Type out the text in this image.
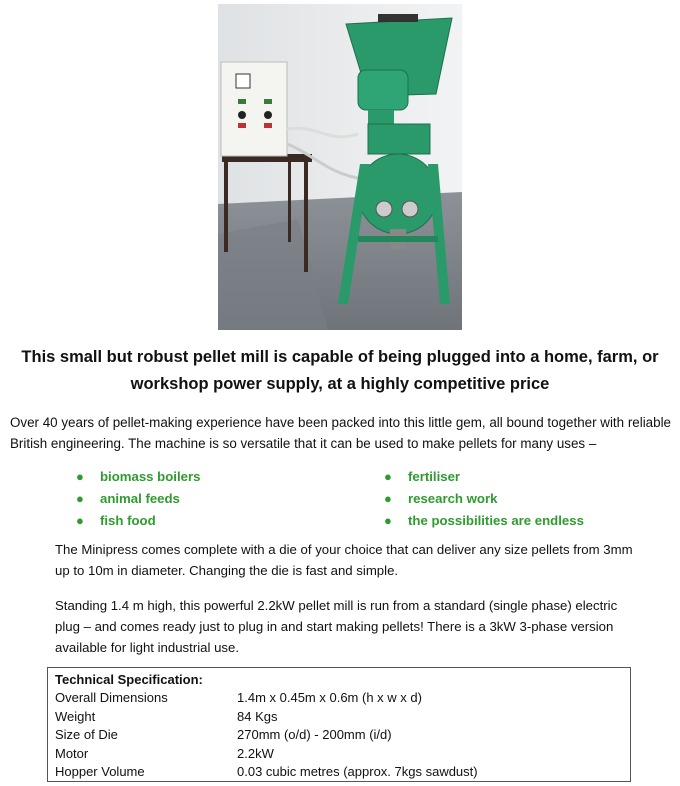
This small but robust pellet mill is capable of being plugged into a home, farm, or workshop power supply, at a highly competitive price
Over 40 years of pellet-making experience have been packed into this little gem, all bound together with reliable British engineering. The machine is so versatile that it can be used to make pellets for many uses –
● biomass boilers
● animal feeds
● fish food
● fertiliser
● research work
● the possibilities are endless
The Minipress comes complete with a die of your choice that can deliver any size pellets from 3mm up to 10m in diameter. Changing the die is fast and simple.
Standing 1.4 m high, this powerful 2.2kW pellet mill is run from a standard (single phase) electric plug – and comes ready just to plug in and start making pellets! There is a 3kW 3-phase version available for light industrial use.
Technical Specification:
Overall Dimensions	1.4m x 0.45m x 0.6m (h x w x d)
Weight	84 Kgs
Size of Die	270mm (o/d) - 200mm (i/d)
Motor	2.2kW
Hopper Volume	0.03 cubic metres (approx. 7kgs sawdust)
